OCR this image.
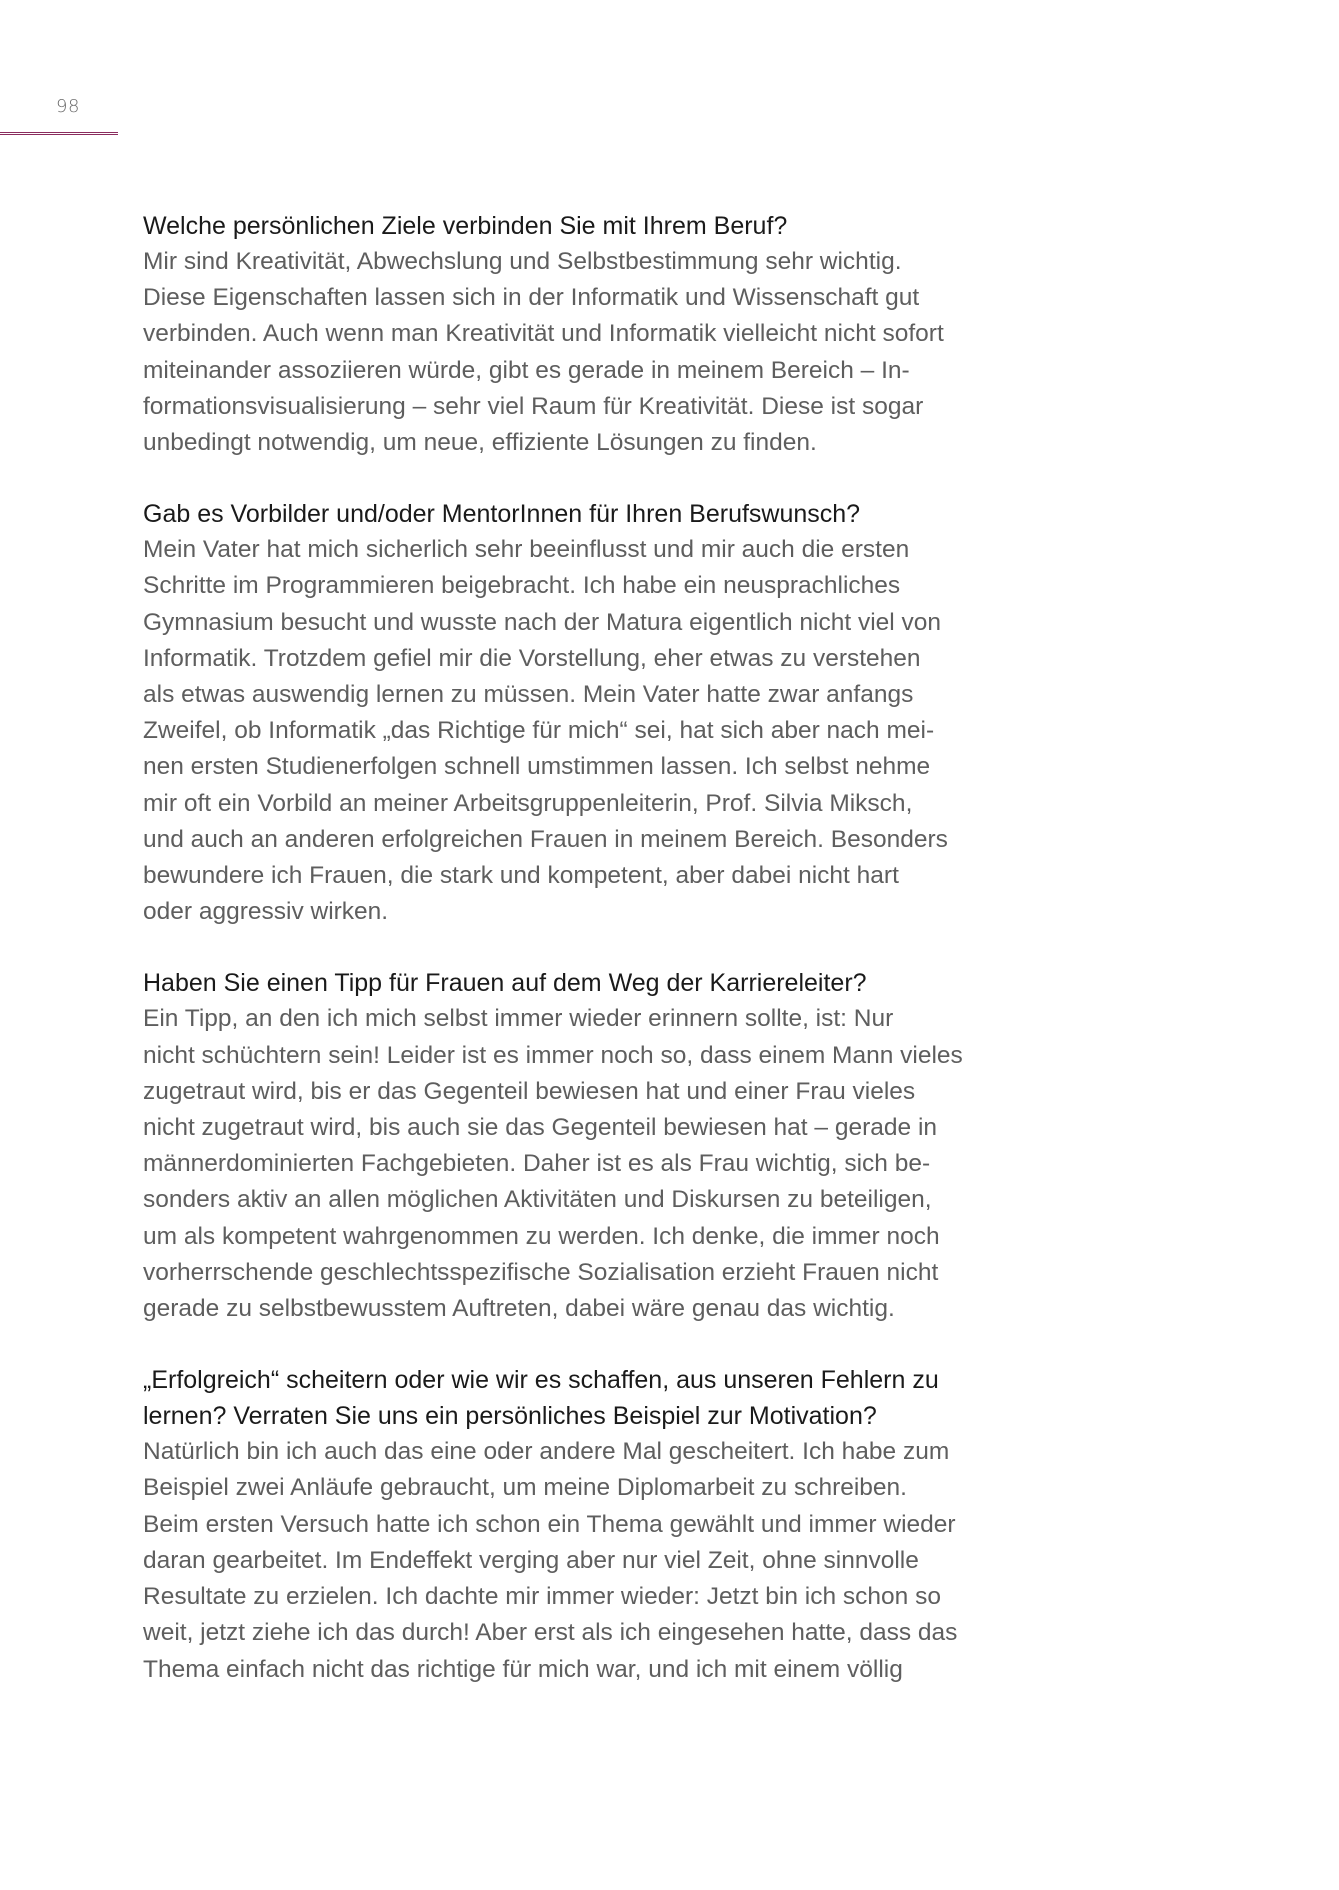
98
Welche persönlichen Ziele verbinden Sie mit Ihrem Beruf?

Mir sind Kreativität, Abwechslung und Selbstbestimmung sehr wichtig.
Diese Eigenschaften lassen sich in der Informatik und Wissenschaft gut
verbinden. Auch wenn man Kreativität und Informatik vielleicht nicht sofort
miteinander assoziieren würde, gibt es gerade in meinem Bereich – In-
formationsvisualisierung – sehr viel Raum für Kreativität. Diese ist sogar
unbedingt notwendig, um neue, effiziente Lösungen zu finden.

Gab es Vorbilder und/oder MentorInnen für Ihren Berufswunsch?

Mein Vater hat mich sicherlich sehr beeinflusst und mir auch die ersten
Schritte im Programmieren beigebracht. Ich habe ein neusprachliches
Gymnasium besucht und wusste nach der Matura eigentlich nicht viel von
Informatik. Trotzdem gefiel mir die Vorstellung, eher etwas zu verstehen
als etwas auswendig lernen zu müssen. Mein Vater hatte zwar anfangs
Zweifel, ob Informatik „das Richtige für mich“ sei, hat sich aber nach mei-
nen ersten Studienerfolgen schnell umstimmen lassen. Ich selbst nehme
mir oft ein Vorbild an meiner Arbeitsgruppenleiterin, Prof. Silvia Miksch,
und auch an anderen erfolgreichen Frauen in meinem Bereich. Besonders
bewundere ich Frauen, die stark und kompetent, aber dabei nicht hart
oder aggressiv wirken.

Haben Sie einen Tipp für Frauen auf dem Weg der Karriereleiter?

Ein Tipp, an den ich mich selbst immer wieder erinnern sollte, ist: Nur
nicht schüchtern sein! Leider ist es immer noch so, dass einem Mann vieles
zugetraut wird, bis er das Gegenteil bewiesen hat und einer Frau vieles
nicht zugetraut wird, bis auch sie das Gegenteil bewiesen hat – gerade in
männerdominierten Fachgebieten. Daher ist es als Frau wichtig, sich be-
sonders aktiv an allen möglichen Aktivitäten und Diskursen zu beteiligen,
um als kompetent wahrgenommen zu werden. Ich denke, die immer noch
vorherrschende geschlechtsspezifische Sozialisation erzieht Frauen nicht
gerade zu selbstbewusstem Auftreten, dabei wäre genau das wichtig.

„Erfolgreich“ scheitern oder wie wir es schaffen, aus unseren Fehlern zu
lernen? Verraten Sie uns ein persönliches Beispiel zur Motivation?

Natürlich bin ich auch das eine oder andere Mal gescheitert. Ich habe zum
Beispiel zwei Anläufe gebraucht, um meine Diplomarbeit zu schreiben.
Beim ersten Versuch hatte ich schon ein Thema gewählt und immer wieder
daran gearbeitet. Im Endeffekt verging aber nur viel Zeit, ohne sinnvolle
Resultate zu erzielen. Ich dachte mir immer wieder: Jetzt bin ich schon so
weit, jetzt ziehe ich das durch! Aber erst als ich eingesehen hatte, dass das
Thema einfach nicht das richtige für mich war, und ich mit einem völlig
